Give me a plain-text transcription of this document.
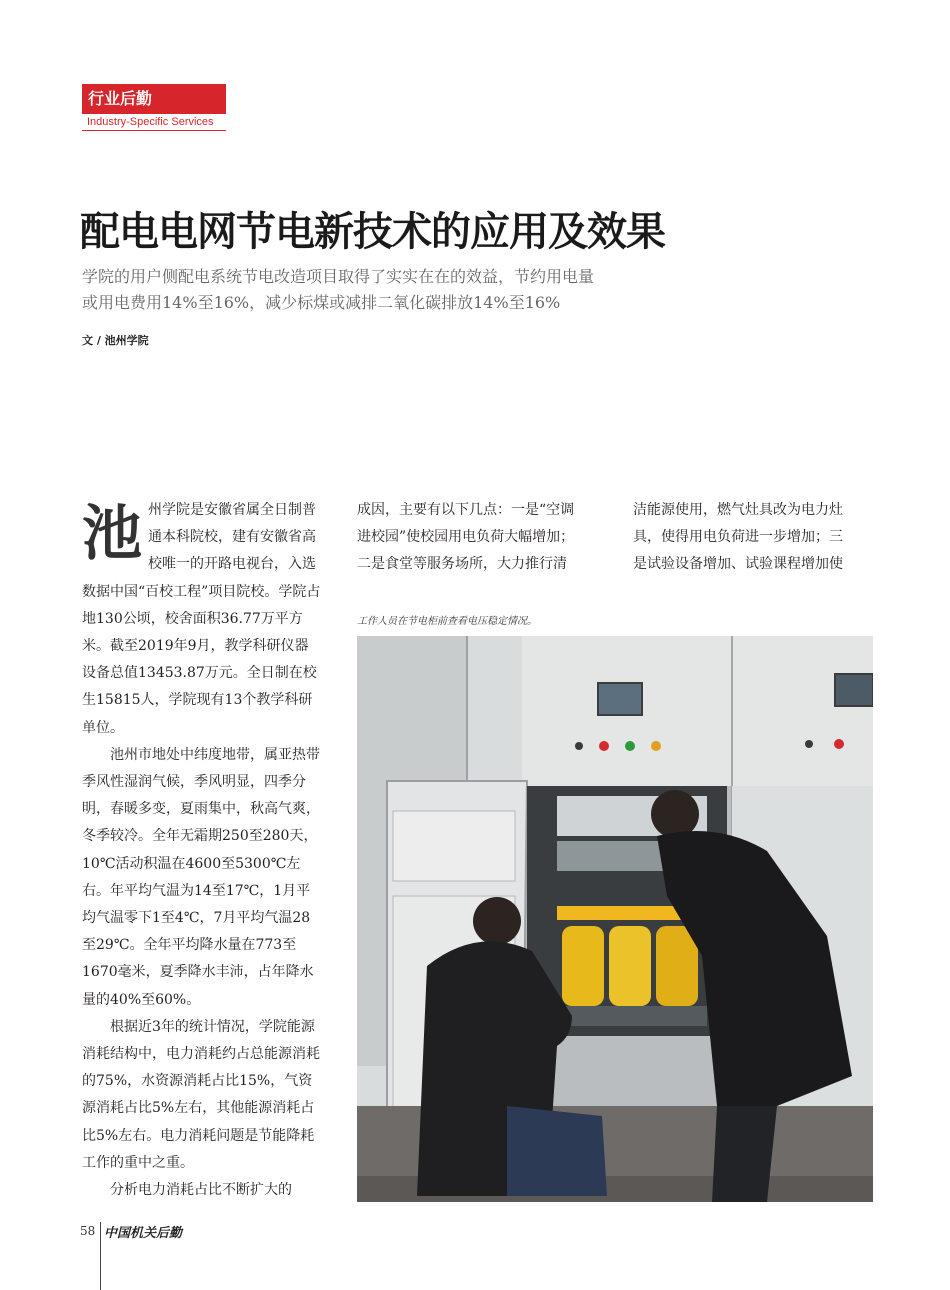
行业后勤
Industry-Specific Services
配电电网节电新技术的应用及效果
学院的用户侧配电系统节电改造项目取得了实实在在的效益，节约用电量
或用电费用14%至16%，减少标煤或减排二氧化碳排放14%至16%
文 / 池州学院

池州学院是安徽省属全日制普通本科院校，建有安徽省高校唯一的开路电视台，入选数据中国“百校工程”项目院校。学院占地130公顷，校舍面积36.77万平方米。截至2019年9月，教学科研仪器设备总值13453.87万元。全日制在校生15815人，学院现有13个教学科研单位。

池州市地处中纬度地带，属亚热带季风性湿润气候，季风明显，四季分明，春暖多变，夏雨集中，秋高气爽，冬季较冷。全年无霜期250至280天，10℃活动积温在4600至5300℃左右。年平均气温为14至17℃，1月平均气温零下1至4℃，7月平均气温28至29℃。全年平均降水量在773至1670毫米，夏季降水丰沛，占年降水量的40%至60%。

根据近3年的统计情况，学院能源消耗结构中，电力消耗约占总能源消耗的75%，水资源消耗占比15%，气资源消耗占比5%左右，其他能源消耗占比5%左右。电力消耗问题是节能降耗工作的重中之重。

分析电力消耗占比不断扩大的

成因，主要有以下几点：一是“空调

进校园”使校园用电负荷大幅增加；

二是食堂等服务场所，大力推行清

洁能源使用，燃气灶具改为电力灶

具，使得用电负荷进一步增加；三

是试验设备增加、试验课程增加使

工作人员在节电柜前查看电压稳定情况。
58 中国机关后勤
